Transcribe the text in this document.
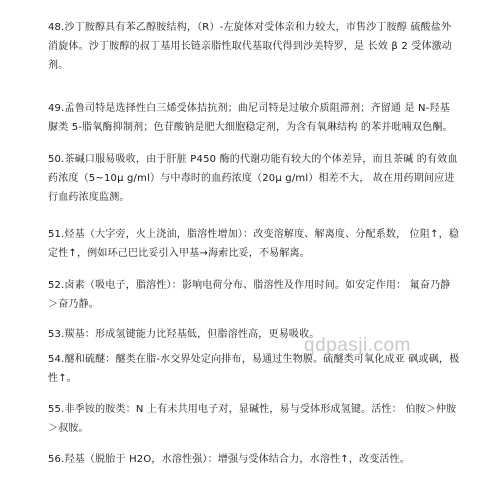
48.沙丁胺醇具有苯乙醇胺结构，（R）-左旋体对受体亲和力较大，市售沙丁胺醇 硫酸盐外
消旋体。沙丁胺醇的叔丁基用长链亲脂性取代基取代得到沙美特罗，是 长效 β 2 受体激动
剂。
49.孟鲁司特是选择性白三烯受体拮抗剂；曲尼司特是过敏介质阻滞剂；齐留通 是 N-羟基
脲类 5-脂氧酶抑制剂；色苷酸钠是肥大细胞稳定剂，为含有氧琳结构 的苯并吡喃双色酮。
50.茶碱口服易吸收，由于肝脏 P450 酶的代谢功能有较大的个体差异，而且茶碱 的有效血
药浓度（5~10μ g/ml）与中毒时的血药浓度（20μ g/ml）相差不大， 故在用药期间应进
行血药浓度监测。
51.烃基（大字旁，火上浇油，脂溶性增加）：改变溶解度、解离度、分配系数， 位阻↑，稳
定性↑，例如环己巴比妥引入甲基→海索比妥，不易解离。
52.卤素（吸电子，脂溶性）：影响电荷分布、脂溶性及作用时间。如安定作用： 氟奋乃静
＞奋乃静。
53.羰基：形成氢键能力比羟基低，但脂溶性高，更易吸收。
54.醚和硫醚：醚类在脂-水交界处定向排布，易通过生物膜。硫醚类可氧化成亚 砜或砜，极
性↑。
55.非季铵的胺类：N 上有未共用电子对，显碱性，易与受体形成氢键。活性： 伯胺＞仲胺
＞叔胺。
56.羟基（脱胎于 H2O，水溶性强）：增强与受体结合力，水溶性↑，改变活性。
qdpasji.com
